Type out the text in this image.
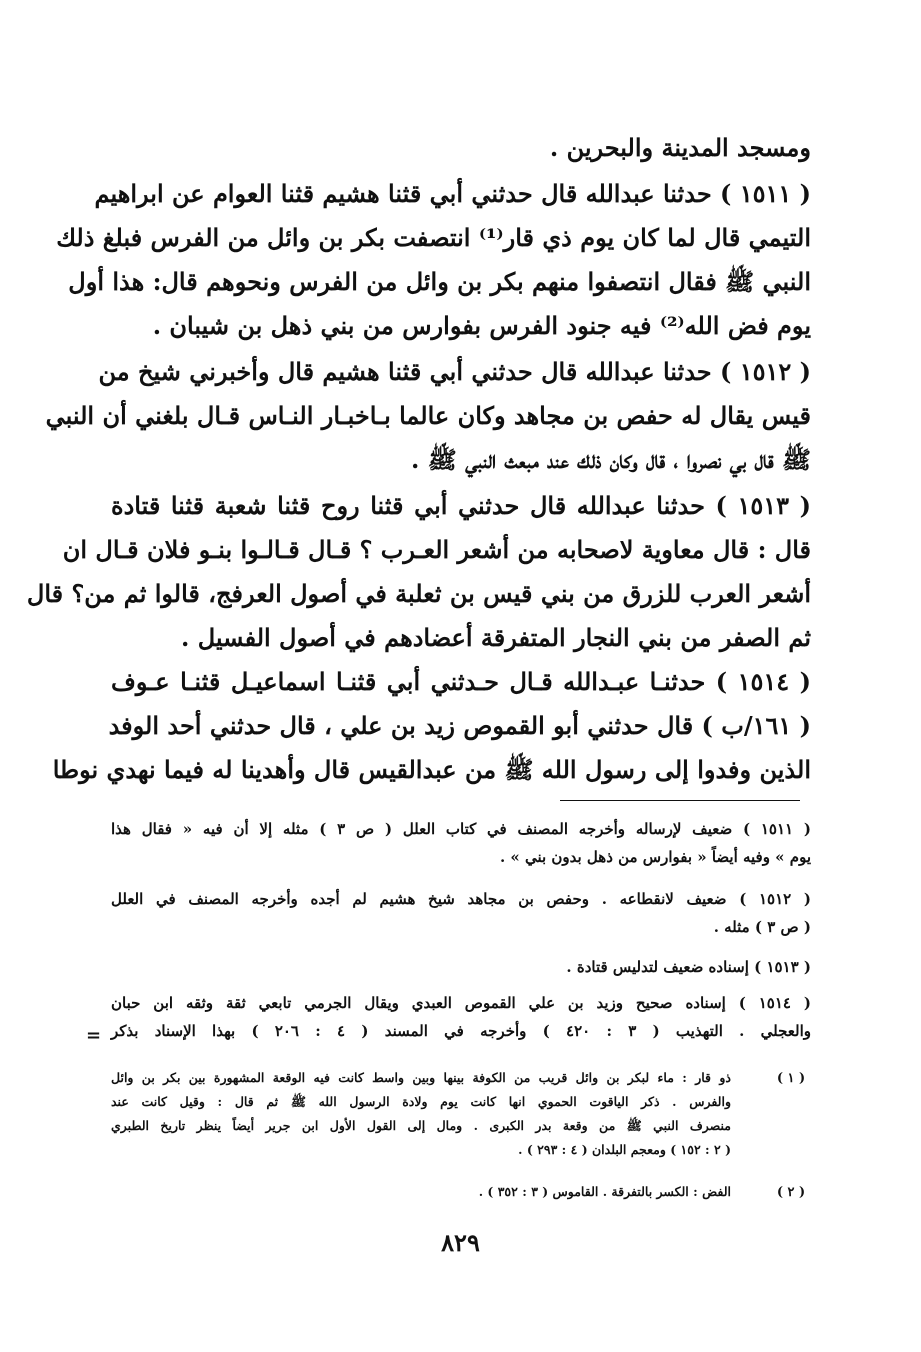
ومسجد المدينة والبحرين .
( ١٥١١ ) حدثنا عبدالله قال حدثني أبي قثنا هشيم قثنا العوام عن ابراهيم
التيمي قال لما كان يوم ذي قار⁽¹⁾ انتصفت بكر بن وائل من الفرس فبلغ ذلك
النبي ﷺ فقال انتصفوا منهم بكر بن وائل من الفرس ونحوهم قال: هذا أول
يوم فض الله⁽²⁾ فيه جنود الفرس بفوارس من بني ذهل بن شيبان .
( ١٥١٢ ) حدثنا عبدالله قال حدثني أبي قثنا هشيم قال وأخبرني شيخ من
قيس يقال له حفص بن مجاهد وكان عالما بـاخبـار النـاس قـال بلغني أن النبي
ﷺ قال بي نصروا ، قال وكان ذلك عند مبعث النبي ﷺ .
( ١٥١٣ ) حدثنا عبدالله قال حدثني أبي قثنا روح قثنا شعبة قثنا قتادة
قال : قال معاوية لاصحابه من أشعر العـرب ؟ قـال قـالـوا بنـو فلان قـال ان
أشعر العرب للزرق من بني قيس بن ثعلبة في أصول العرفج، قالوا ثم من؟ قال
ثم الصفر من بني النجار المتفرقة أعضادهم في أصول الفسيل .
( ١٥١٤ ) حدثنـا عبـدالله قـال حـدثني أبي قثنـا اسماعيـل قثنـا عـوف
( ١٦١/ب ) قال حدثني أبو القموص زيد بن علي ، قال حدثني أحد الوفد
الذين وفدوا إلى رسول الله ﷺ من عبدالقيس قال وأهدينا له فيما نهدي نوطا
( ١٥١١ ) ضعيف لإرساله وأخرجه المصنف في كتاب العلل ( ص ٣ ) مثله إلا أن فيه « فقال هذا
يوم » وفيه أيضاً « بفوارس من ذهل بدون بني » .
( ١٥١٢ ) ضعيف لانقطاعه . وحفص بن مجاهد شيخ هشيم لم أجده وأخرجه المصنف في العلل
( ص ٣ ) مثله .
( ١٥١٣ ) إسناده ضعيف لتدليس قتادة .
( ١٥١٤ ) إسناده صحيح وزيد بن علي القموص العبدي ويقال الجرمي تابعي ثقة وثقه ابن حبان
والعجلي . التهذيب ( ٣ : ٤٢٠ ) وأخرجه في المسند ( ٤ : ٢٠٦ ) بهذا الإسناد بذكر
=
( ١ )
ذو قار : ماء لبكر بن وائل قريب من الكوفة بينها وبين واسط كانت فيه الوقعة المشهورة بين بكر بن وائل
والفرس . ذكر الياقوت الحموي انها كانت يوم ولادة الرسول الله ﷺ ثم قال : وقيل كانت عند
منصرف النبي ﷺ من وقعة بدر الكبرى . ومال إلى القول الأول ابن جرير أيضاً ينظر تاريخ الطبري
( ٢ : ١٥٢ ) ومعجم البلدان ( ٤ : ٢٩٣ ) .
( ٢ )
الفض : الكسر بالتفرقة . القاموس ( ٣ : ٣٥٢ ) .
٨٢٩
